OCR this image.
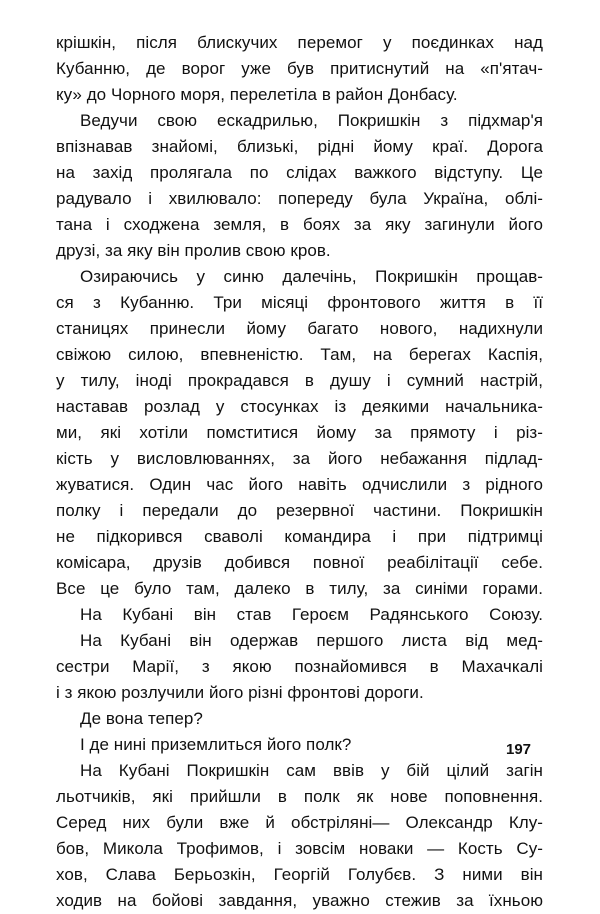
крiшкiн, пiсля блискучих перемог у поєдинках над
Кубанню, де ворог уже був притиснутий на «п'ятач-
ку» до Чорного моря, перелетiла в район Донбасу.
Ведучи свою ескадрилью, Покришкiн з пiдхмар'я
впiзнавав знайомi, близькi, рiднi йому краї. Дорога
на захiд пролягала по слiдах важкого вiдступу. Це
радувало i хвилювало: попереду була Україна, облi-
тана i сходжена земля, в боях за яку загинули його
друзi, за яку вiн пролив свою кров.
Озираючись у синю далечiнь, Покришкiн прощав-
ся з Кубанню. Три мiсяцi фронтового життя в її
станицях принесли йому багато нового, надихнули
свiжою силою, впевненiстю. Там, на берегах Каспiя,
у тилу, iнодi прокрадався в душу i сумний настрiй,
наставав розлад у стосунках iз деякими начальника-
ми, якi хотiли помститися йому за прямоту i рiз-
кiсть у висловлюваннях, за його небажання пiдлад-
жуватися. Один час його навiть одчислили з рiдного
полку i передали до резервної частини. Покришкiн
не пiдкорився сваволi командира i при пiдтримцi
комiсара, друзiв добився повної реабiлiтації себе.
Все це було там, далеко в тилу, за синiми горами.
На Кубанi вiн став Героєм Радянського Союзу.
На Кубанi вiн одержав першого листа вiд мед-
сестри Марiї, з якою познайомився в Махачкалi
i з якою розлучили його рiзнi фронтовi дороги.
Де вона тепер?
I де нинi приземлиться його полк?
На Кубанi Покришкiн сам ввiв у бiй цiлий загiн
льотчикiв, якi прийшли в полк як нове поповнення.
Серед них були вже й обстрiлянi— Олександр Клу-
бов, Микола Трофимов, i зовсiм новаки — Кость Су-
хов, Слава Берьозкiн, Георгiй Голубєв. З ними вiн
ходив на бойовi завдання, уважно стежив за їхньою
197
